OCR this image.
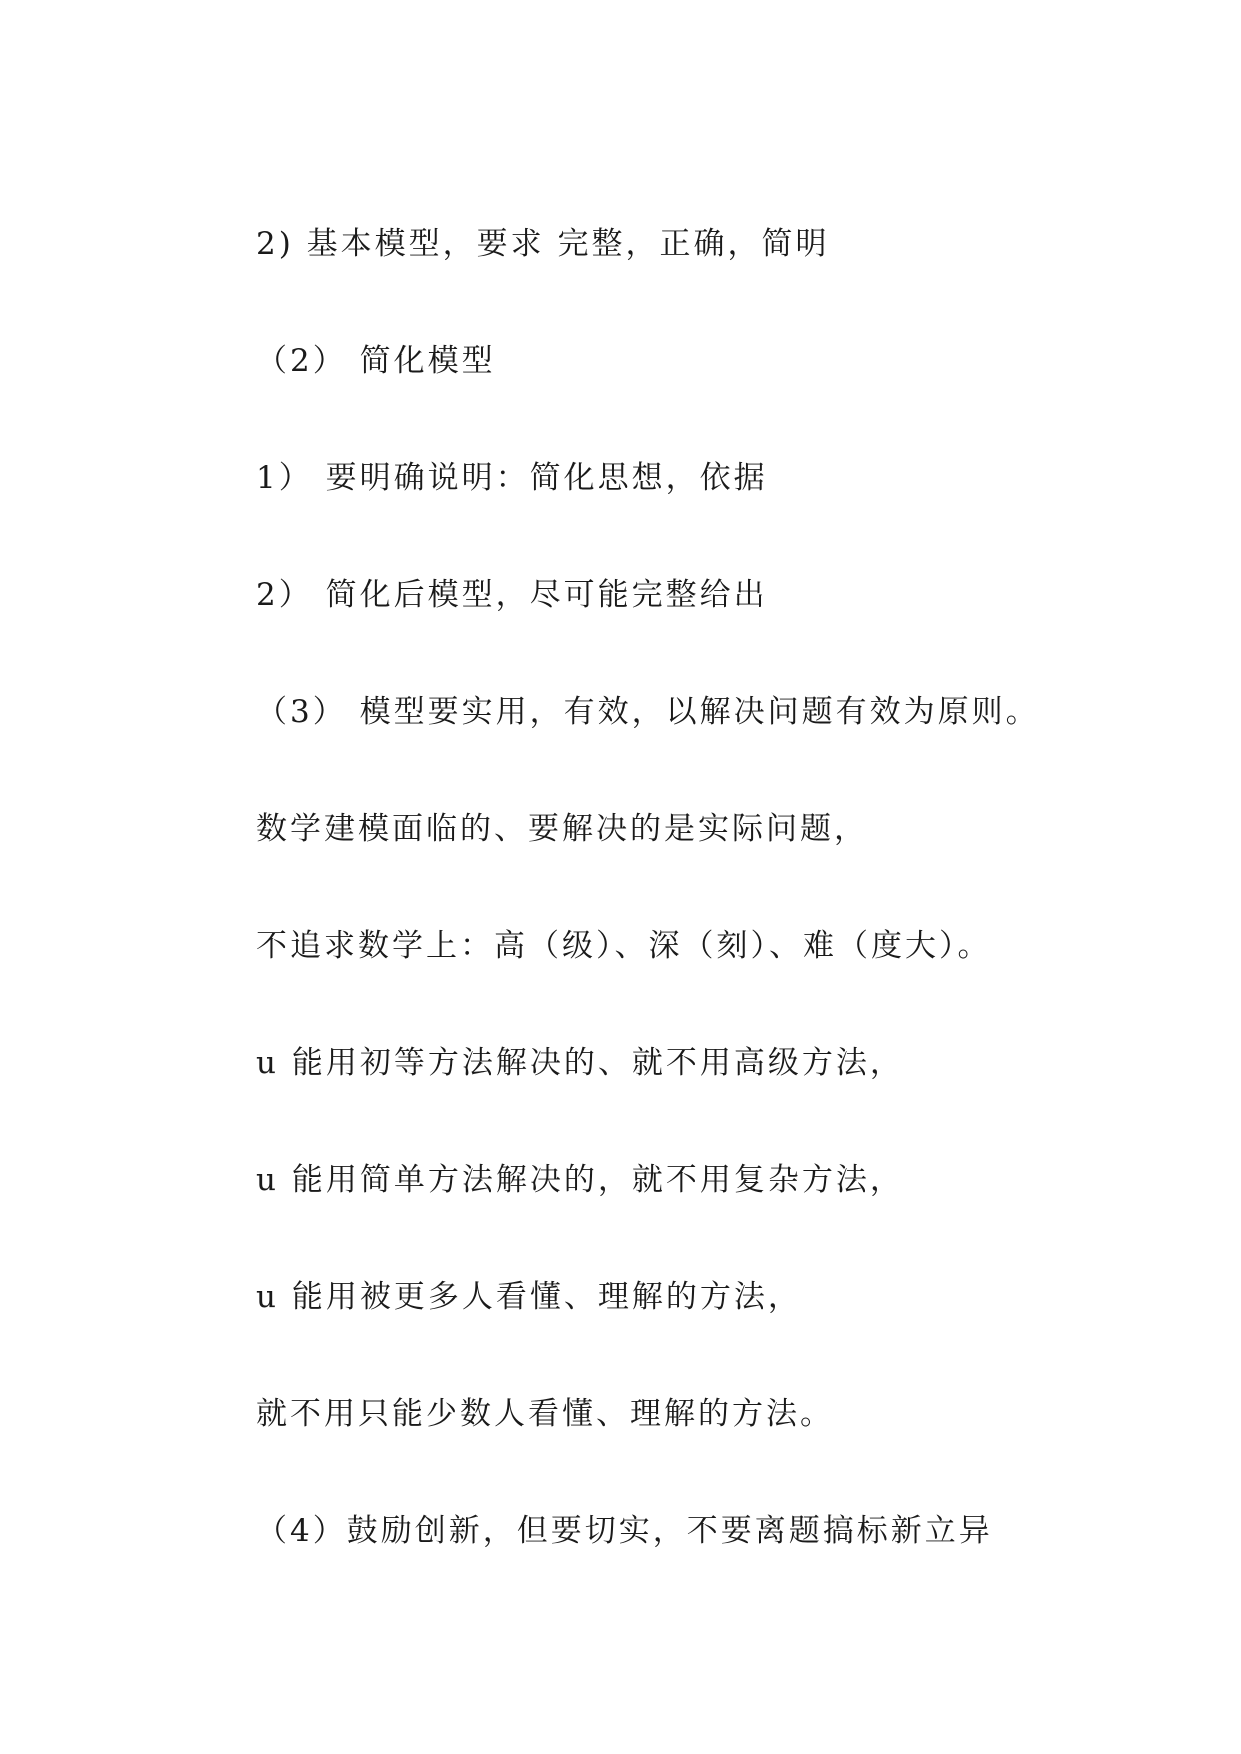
2) 基本模型，要求 完整，正确，简明

（2） 简化模型

1） 要明确说明：简化思想，依据

2） 简化后模型，尽可能完整给出

（3） 模型要实用，有效，以解决问题有效为原则。

数学建模面临的、要解决的是实际问题，

不追求数学上：高（级）、深（刻）、难（度大）。

u 能用初等方法解决的、就不用高级方法，

u 能用简单方法解决的，就不用复杂方法，

u 能用被更多人看懂、理解的方法，

就不用只能少数人看懂、理解的方法。

（4）鼓励创新，但要切实，不要离题搞标新立异
